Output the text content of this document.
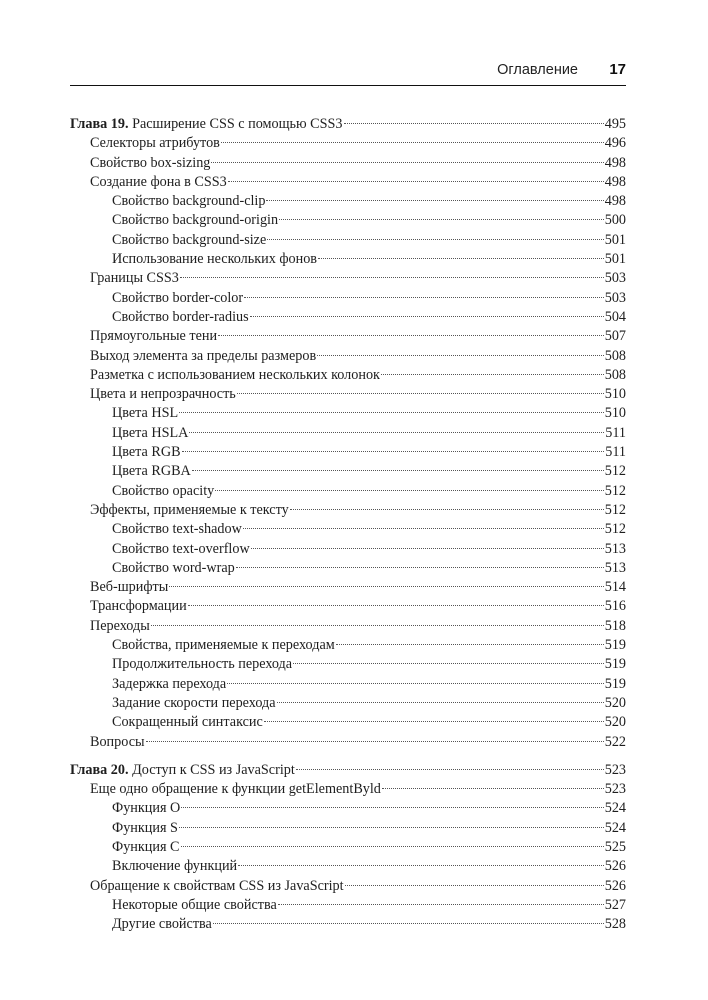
Оглавление 17
Глава 19. Расширение CSS с помощью CSS3	495
Селекторы атрибутов	496
Свойство box-sizing	498
Создание фона в CSS3	498
Свойство background-clip	498
Свойство background-origin	500
Свойство background-size	501
Использование нескольких фонов	501
Границы CSS3	503
Свойство border-color	503
Свойство border-radius	504
Прямоугольные тени	507
Выход элемента за пределы размеров	508
Разметка с использованием нескольких колонок	508
Цвета и непрозрачность	510
Цвета HSL	510
Цвета HSLA	511
Цвета RGB	511
Цвета RGBA	512
Свойство opacity	512
Эффекты, применяемые к тексту	512
Свойство text-shadow	512
Свойство text-overflow	513
Свойство word-wrap	513
Веб-шрифты	514
Трансформации	516
Переходы	518
Свойства, применяемые к переходам	519
Продолжительность перехода	519
Задержка перехода	519
Задание скорости перехода	520
Сокращенный синтаксис	520
Вопросы	522
Глава 20. Доступ к CSS из JavaScript	523
Еще одно обращение к функции getElementByld	523
Функция О	524
Функция S	524
Функция С	525
Включение функций	526
Обращение к свойствам CSS из JavaScript	526
Некоторые общие свойства	527
Другие свойства	528
